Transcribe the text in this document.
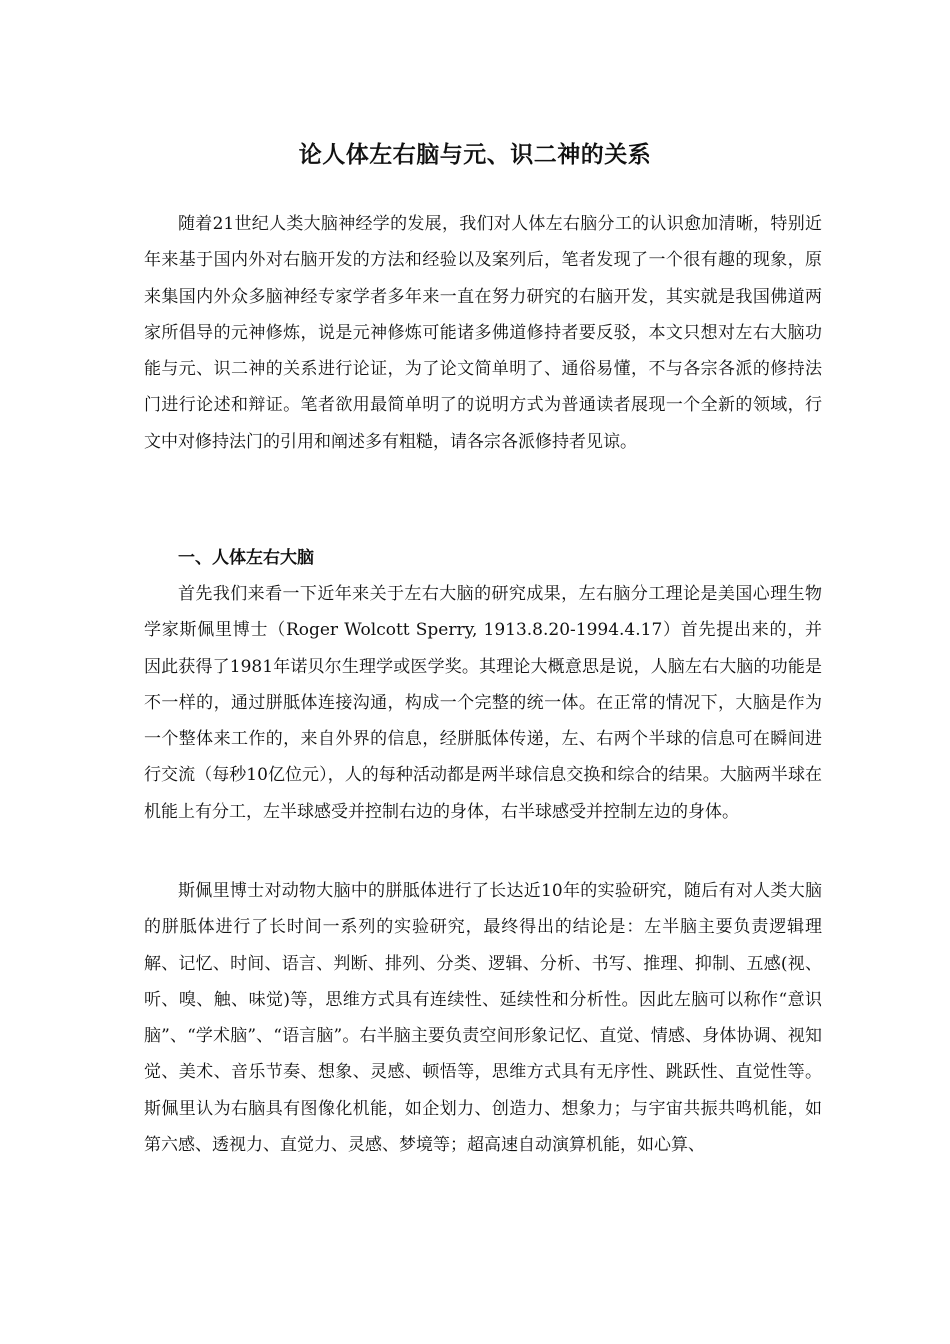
论人体左右脑与元、识二神的关系

随着21世纪人类大脑神经学的发展，我们对人体左右脑分工的认识愈加清晰，特别近年来基于国内外对右脑开发的方法和经验以及案列后，笔者发现了一个很有趣的现象，原来集国内外众多脑神经专家学者多年来一直在努力研究的右脑开发，其实就是我国佛道两家所倡导的元神修炼，说是元神修炼可能诸多佛道修持者要反驳，本文只想对左右大脑功能与元、识二神的关系进行论证，为了论文简单明了、通俗易懂，不与各宗各派的修持法门进行论述和辩证。笔者欲用最简单明了的说明方式为普通读者展现一个全新的领域，行文中对修持法门的引用和阐述多有粗糙，请各宗各派修持者见谅。

一、人体左右大脑

首先我们来看一下近年来关于左右大脑的研究成果，左右脑分工理论是美国心理生物学家斯佩里博士（Roger Wolcott Sperry, 1913.8.20-1994.4.17）首先提出来的，并因此获得了1981年诺贝尔生理学或医学奖。其理论大概意思是说，人脑左右大脑的功能是不一样的，通过胼胝体连接沟通，构成一个完整的统一体。在正常的情况下，大脑是作为一个整体来工作的，来自外界的信息，经胼胝体传递，左、右两个半球的信息可在瞬间进行交流（每秒10亿位元），人的每种活动都是两半球信息交换和综合的结果。大脑两半球在机能上有分工，左半球感受并控制右边的身体，右半球感受并控制左边的身体。

斯佩里博士对动物大脑中的胼胝体进行了长达近10年的实验研究，随后有对人类大脑的胼胝体进行了长时间一系列的实验研究，最终得出的结论是：左半脑主要负责逻辑理解、记忆、时间、语言、判断、排列、分类、逻辑、分析、书写、推理、抑制、五感(视、听、嗅、触、味觉)等，思维方式具有连续性、延续性和分析性。因此左脑可以称作“意识脑”、“学术脑”、“语言脑”。右半脑主要负责空间形象记忆、直觉、情感、身体协调、视知觉、美术、音乐节奏、想象、灵感、顿悟等，思维方式具有无序性、跳跃性、直觉性等。斯佩里认为右脑具有图像化机能，如企划力、创造力、想象力；与宇宙共振共鸣机能，如第六感、透视力、直觉力、灵感、梦境等；超高速自动演算机能，如心算、
